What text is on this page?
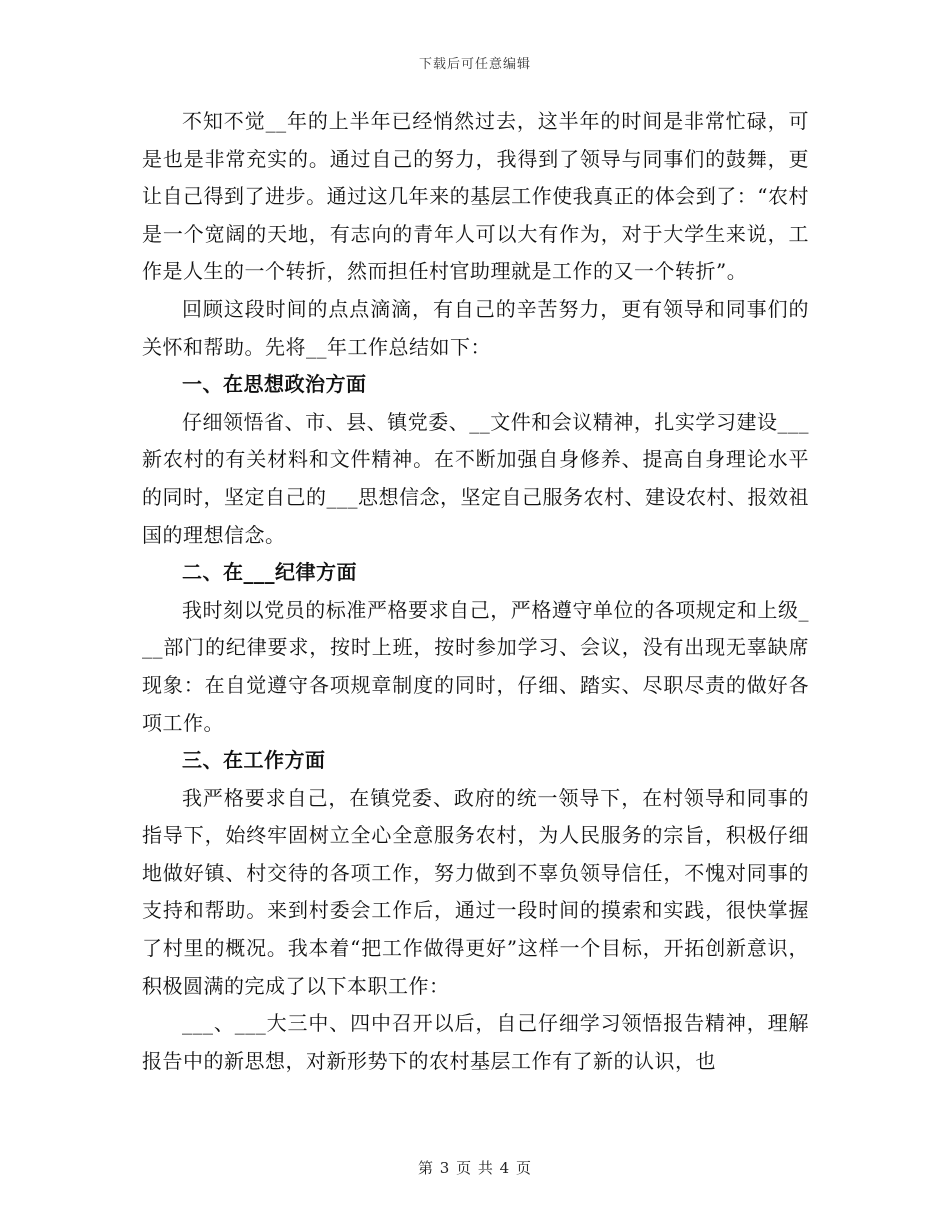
下载后可任意编辑

不知不觉__年的上半年已经悄然过去，这半年的时间是非常忙碌，可是也是非常充实的。通过自己的努力，我得到了领导与同事们的鼓舞，更让自己得到了进步。通过这几年来的基层工作使我真正的体会到了：“农村是一个宽阔的天地，有志向的青年人可以大有作为，对于大学生来说，工作是人生的一个转折，然而担任村官助理就是工作的又一个转折”。

回顾这段时间的点点滴滴，有自己的辛苦努力，更有领导和同事们的关怀和帮助。先将__年工作总结如下：

一、在思想政治方面

仔细领悟省、市、县、镇党委、__文件和会议精神，扎实学习建设___新农村的有关材料和文件精神。在不断加强自身修养、提高自身理论水平的同时，坚定自己的___思想信念，坚定自己服务农村、建设农村、报效祖国的理想信念。

二、在___纪律方面

我时刻以党员的标准严格要求自己，严格遵守单位的各项规定和上级___部门的纪律要求，按时上班，按时参加学习、会议，没有出现无辜缺席现象：在自觉遵守各项规章制度的同时，仔细、踏实、尽职尽责的做好各项工作。

三、在工作方面

我严格要求自己，在镇党委、政府的统一领导下，在村领导和同事的指导下，始终牢固树立全心全意服务农村，为人民服务的宗旨，积极仔细地做好镇、村交待的各项工作，努力做到不辜负领导信任，不愧对同事的支持和帮助。来到村委会工作后，通过一段时间的摸索和实践，很快掌握了村里的概况。我本着“把工作做得更好”这样一个目标，开拓创新意识，积极圆满的完成了以下本职工作：

___、___大三中、四中召开以后，自己仔细学习领悟报告精神，理解报告中的新思想，对新形势下的农村基层工作有了新的认识，也

第 3 页 共 4 页
